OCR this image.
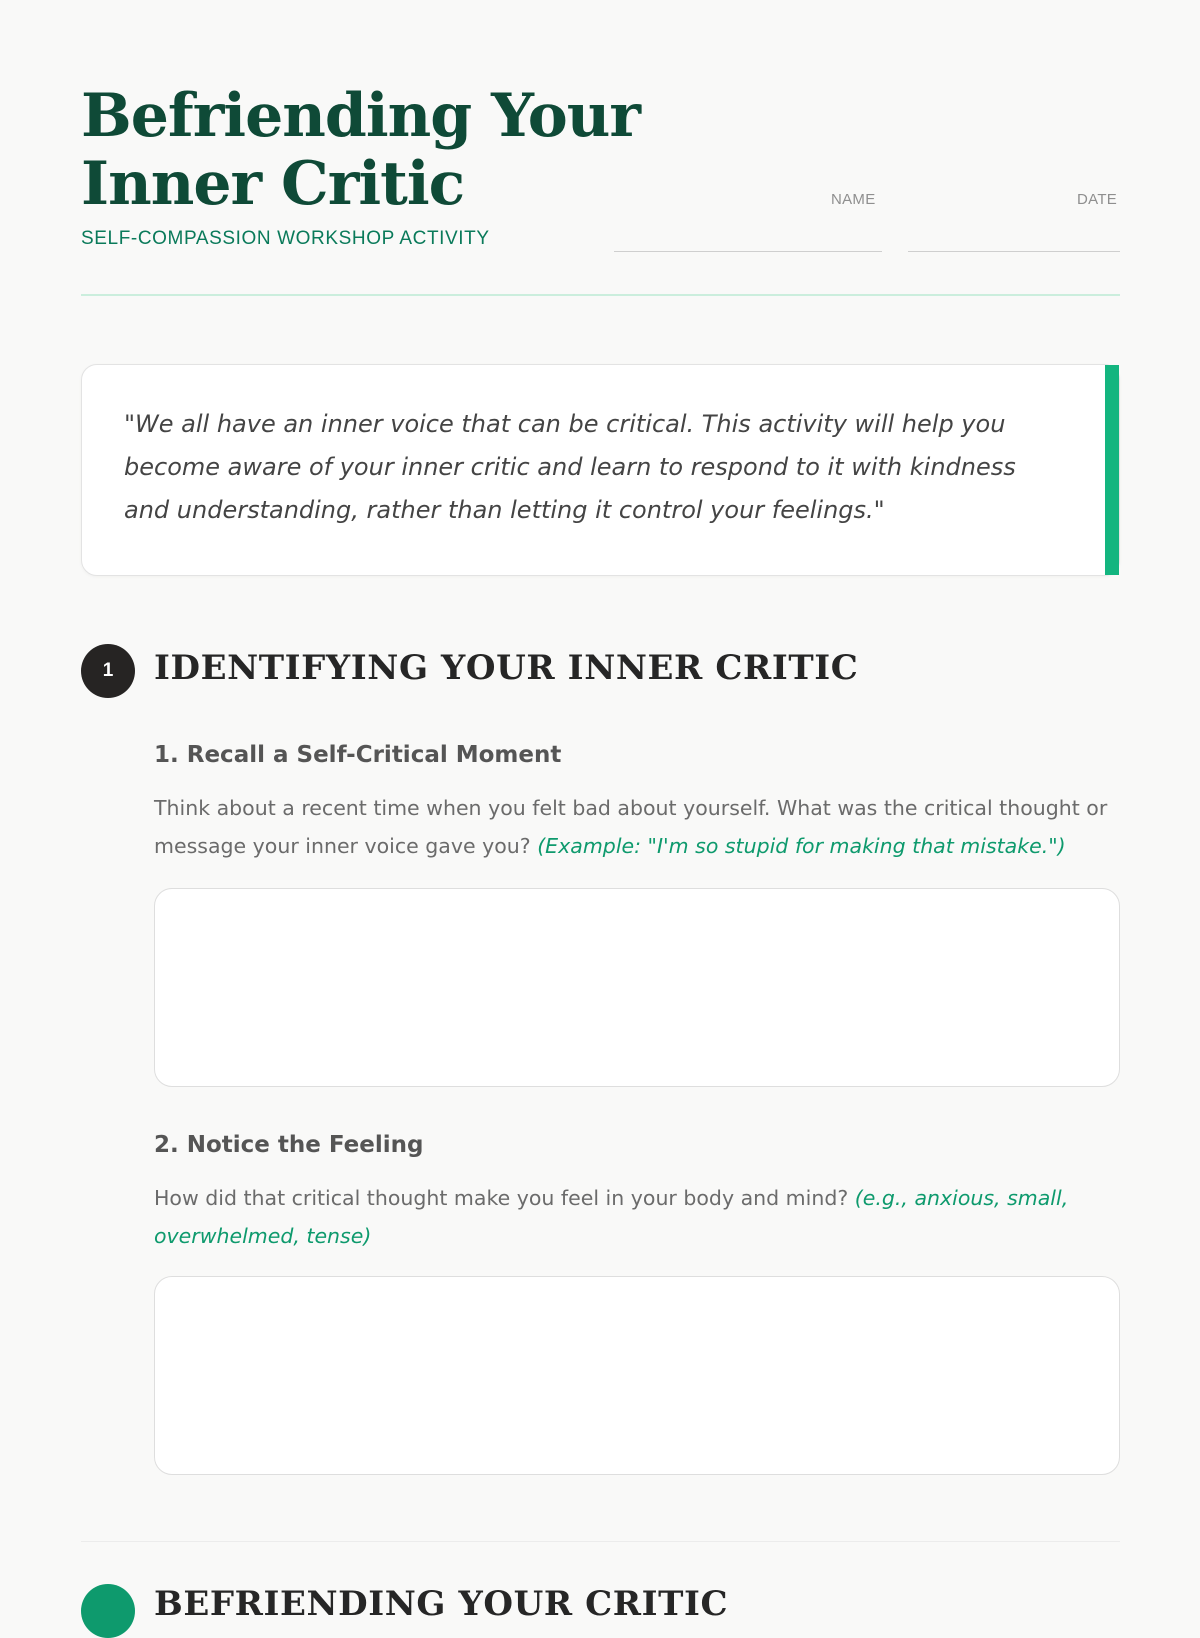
Befriending Your Inner Critic
SELF-COMPASSION WORKSHOP ACTIVITY
NAME	DATE
"We all have an inner voice that can be critical. This activity will help you become aware of your inner critic and learn to respond to it with kindness and understanding, rather than letting it control your feelings."
1	IDENTIFYING YOUR INNER CRITIC
1. Recall a Self-Critical Moment
Think about a recent time when you felt bad about yourself. What was the critical thought or message your inner voice gave you? (Example: "I'm so stupid for making that mistake.")
2. Notice the Feeling
How did that critical thought make you feel in your body and mind? (e.g., anxious, small, overwhelmed, tense)
BEFRIENDING YOUR CRITIC
